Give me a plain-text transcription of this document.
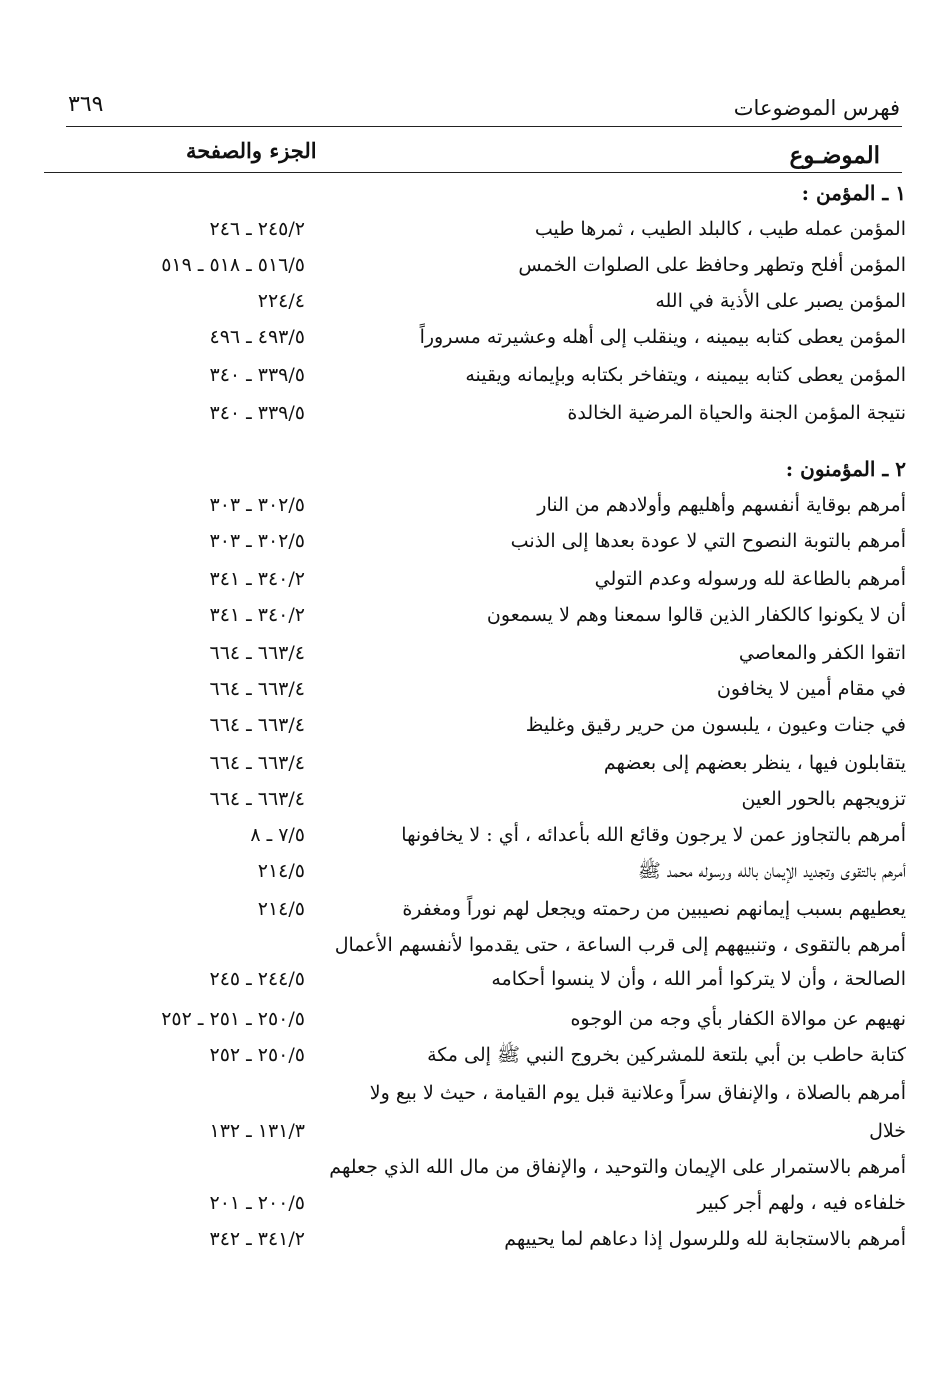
فهرس الموضوعات
٣٦٩
الموضـوع
الجزء والصفحة
١ ـ المؤمن :
المؤمن عمله طيب ، كالبلد الطيب ، ثمرها طيب
٢٤٥/٢ ـ ٢٤٦
المؤمن أفلح وتطهر وحافظ على الصلوات الخمس
٥١٦/٥ ـ ٥١٨ ـ ٥١٩
المؤمن يصبر على الأذية في الله
٢٢٤/٤
المؤمن يعطى كتابه بيمينه ، وينقلب إلى أهله وعشيرته مسروراً
٤٩٣/٥ ـ ٤٩٦
المؤمن يعطى كتابه بيمينه ، ويتفاخر بكتابه وبإيمانه ويقينه
٣٣٩/٥ ـ ٣٤٠
نتيجة المؤمن الجنة والحياة المرضية الخالدة
٣٣٩/٥ ـ ٣٤٠
٢ ـ المؤمنون :
أمرهم بوقاية أنفسهم وأهليهم وأولادهم من النار
٣٠٢/٥ ـ ٣٠٣
أمرهم بالتوبة النصوح التي لا عودة بعدها إلى الذنب
٣٠٢/٥ ـ ٣٠٣
أمرهم بالطاعة لله ورسوله وعدم التولي
٣٤٠/٢ ـ ٣٤١
أن لا يكونوا كالكفار الذين قالوا سمعنا وهم لا يسمعون
٣٤٠/٢ ـ ٣٤١
اتقوا الكفر والمعاصي
٦٦٣/٤ ـ ٦٦٤
في مقام أمين لا يخافون
٦٦٣/٤ ـ ٦٦٤
في جنات وعيون ، يلبسون من حرير رقيق وغليظ
٦٦٣/٤ ـ ٦٦٤
يتقابلون فيها ، ينظر بعضهم إلى بعضهم
٦٦٣/٤ ـ ٦٦٤
تزويجهم بالحور العين
٦٦٣/٤ ـ ٦٦٤
أمرهم بالتجاوز عمن لا يرجون وقائع الله بأعدائه ، أي : لا يخافونها
٧/٥ ـ ٨
أمرهم بالتقوى وتجديد الإيمان بالله ورسوله محمد ﷺ
٢١٤/٥
يعطيهم بسبب إيمانهم نصيبين من رحمته ويجعل لهم نوراً ومغفرة
٢١٤/٥
أمرهم بالتقوى ، وتنبيههم إلى قرب الساعة ، حتى يقدموا لأنفسهم الأعمال
الصالحة ، وأن لا يتركوا أمر الله ، وأن لا ينسوا أحكامه
٢٤٤/٥ ـ ٢٤٥
نهيهم عن موالاة الكفار بأي وجه من الوجوه
٢٥٠/٥ ـ ٢٥١ ـ ٢٥٢
كتابة حاطب بن أبي بلتعة للمشركين بخروج النبي ﷺ إلى مكة
٢٥٠/٥ ـ ٢٥٢
أمرهم بالصلاة ، والإنفاق سراً وعلانية قبل يوم القيامة ، حيث لا بيع ولا
خلال
١٣١/٣ ـ ١٣٢
أمرهم بالاستمرار على الإيمان والتوحيد ، والإنفاق من مال الله الذي جعلهم
خلفاءه فيه ، ولهم أجر كبير
٢٠٠/٥ ـ ٢٠١
أمرهم بالاستجابة لله وللرسول إذا دعاهم لما يحييهم
٣٤١/٢ ـ ٣٤٢
